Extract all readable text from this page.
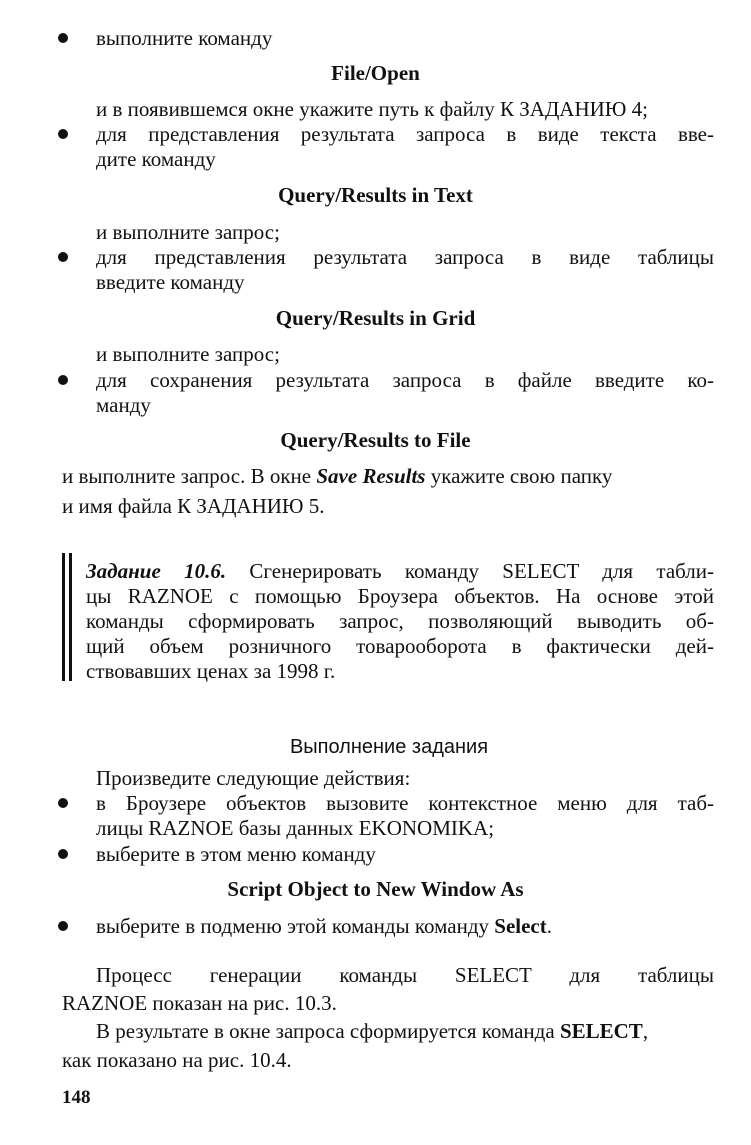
выполните команду
File/Open
и в появившемся окне укажите путь к файлу К ЗАДАНИЮ 4;
для представления результата запроса в виде текста вве-
дите команду
Query/Results in Text
и выполните запрос;
для представления результата запроса в виде таблицы
введите команду
Query/Results in Grid
и выполните запрос;
для сохранения результата запроса в файле введите ко-
манду
Query/Results to File
и выполните запрос. В окне Save Results укажите свою папку
и имя файла К ЗАДАНИЮ 5.
Задание 10.6. Сгенерировать команду SELECT для табли-
цы RAZNOE с помощью Броузера объектов. На основе этой
команды сформировать запрос, позволяющий выводить об-
щий объем розничного товарооборота в фактически дей-
ствовавших ценах за 1998 г.
Выполнение задания
Произведите следующие действия:
в Броузере объектов вызовите контекстное меню для таб-
лицы RAZNOE базы данных EKONOMIKA;
выберите в этом меню команду
Script Object to New Window As
выберите в подменю этой команды команду Select.
Процесс генерации команды SELECT для таблицы
RAZNOE показан на рис. 10.3.
В результате в окне запроса сформируется команда SELECT,
как показано на рис. 10.4.
148
